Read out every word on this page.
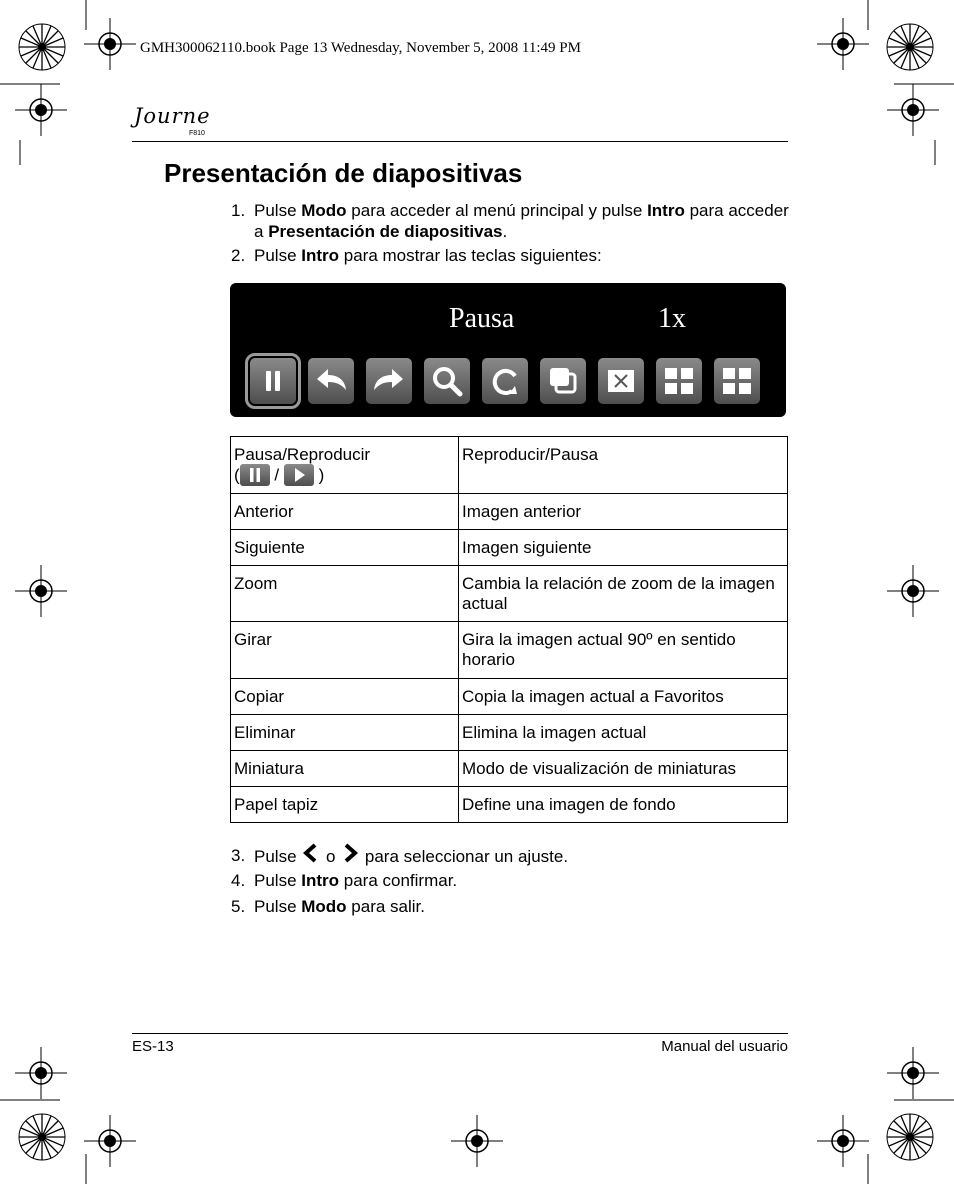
GMH300062110.book Page 13 Wednesday, November 5, 2008 11:49 PM
Journe
F810
Presentación de diapositivas
1. Pulse Modo para acceder al menú principal y pulse Intro para acceder a Presentación de diapositivas.
2. Pulse Intro para mostrar las teclas siguientes:
Pausa	1x
Pausa/Reproducir
( /  )	Reproducir/Pausa
Anterior	Imagen anterior
Siguiente	Imagen siguiente
Zoom	Cambia la relación de zoom de la imagen actual
Girar	Gira la imagen actual 90º en sentido horario
Copiar	Copia la imagen actual a Favoritos
Eliminar	Elimina la imagen actual
Miniatura	Modo de visualización de miniaturas
Papel tapiz	Define una imagen de fondo
3. Pulse  o  para seleccionar un ajuste.
4. Pulse Intro para confirmar.
5. Pulse Modo para salir.
ES-13	Manual del usuario
